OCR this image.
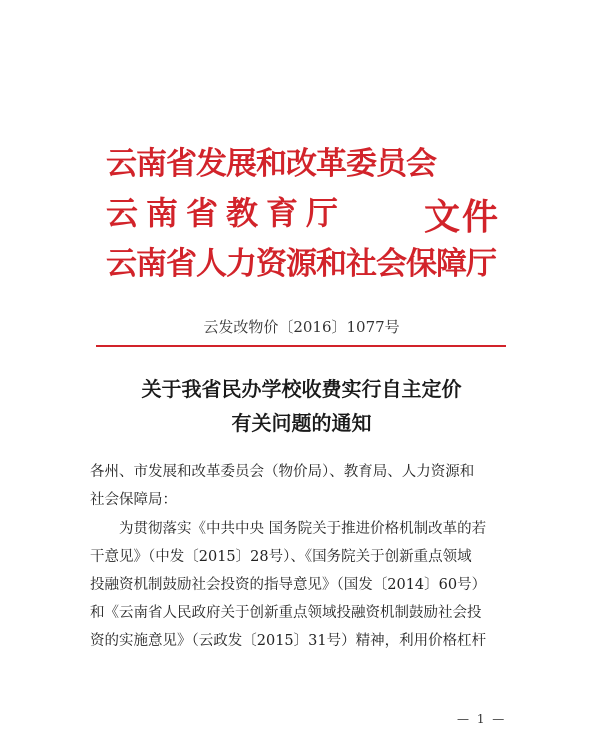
云南省发展和改革委员会
云南省教育厅
云南省人力资源和社会保障厅
文件
云发改物价〔2016〕1077号
关于我省民办学校收费实行自主定价
有关问题的通知
各州、市发展和改革委员会（物价局）、教育局、人力资源和
社会保障局：
　　为贯彻落实《中共中央 国务院关于推进价格机制改革的若
干意见》（中发〔2015〕28号）、《国务院关于创新重点领域
投融资机制鼓励社会投资的指导意见》（国发〔2014〕60号）
和《云南省人民政府关于创新重点领域投融资机制鼓励社会投
资的实施意见》（云政发〔2015〕31号）精神，利用价格杠杆
— 1 —
